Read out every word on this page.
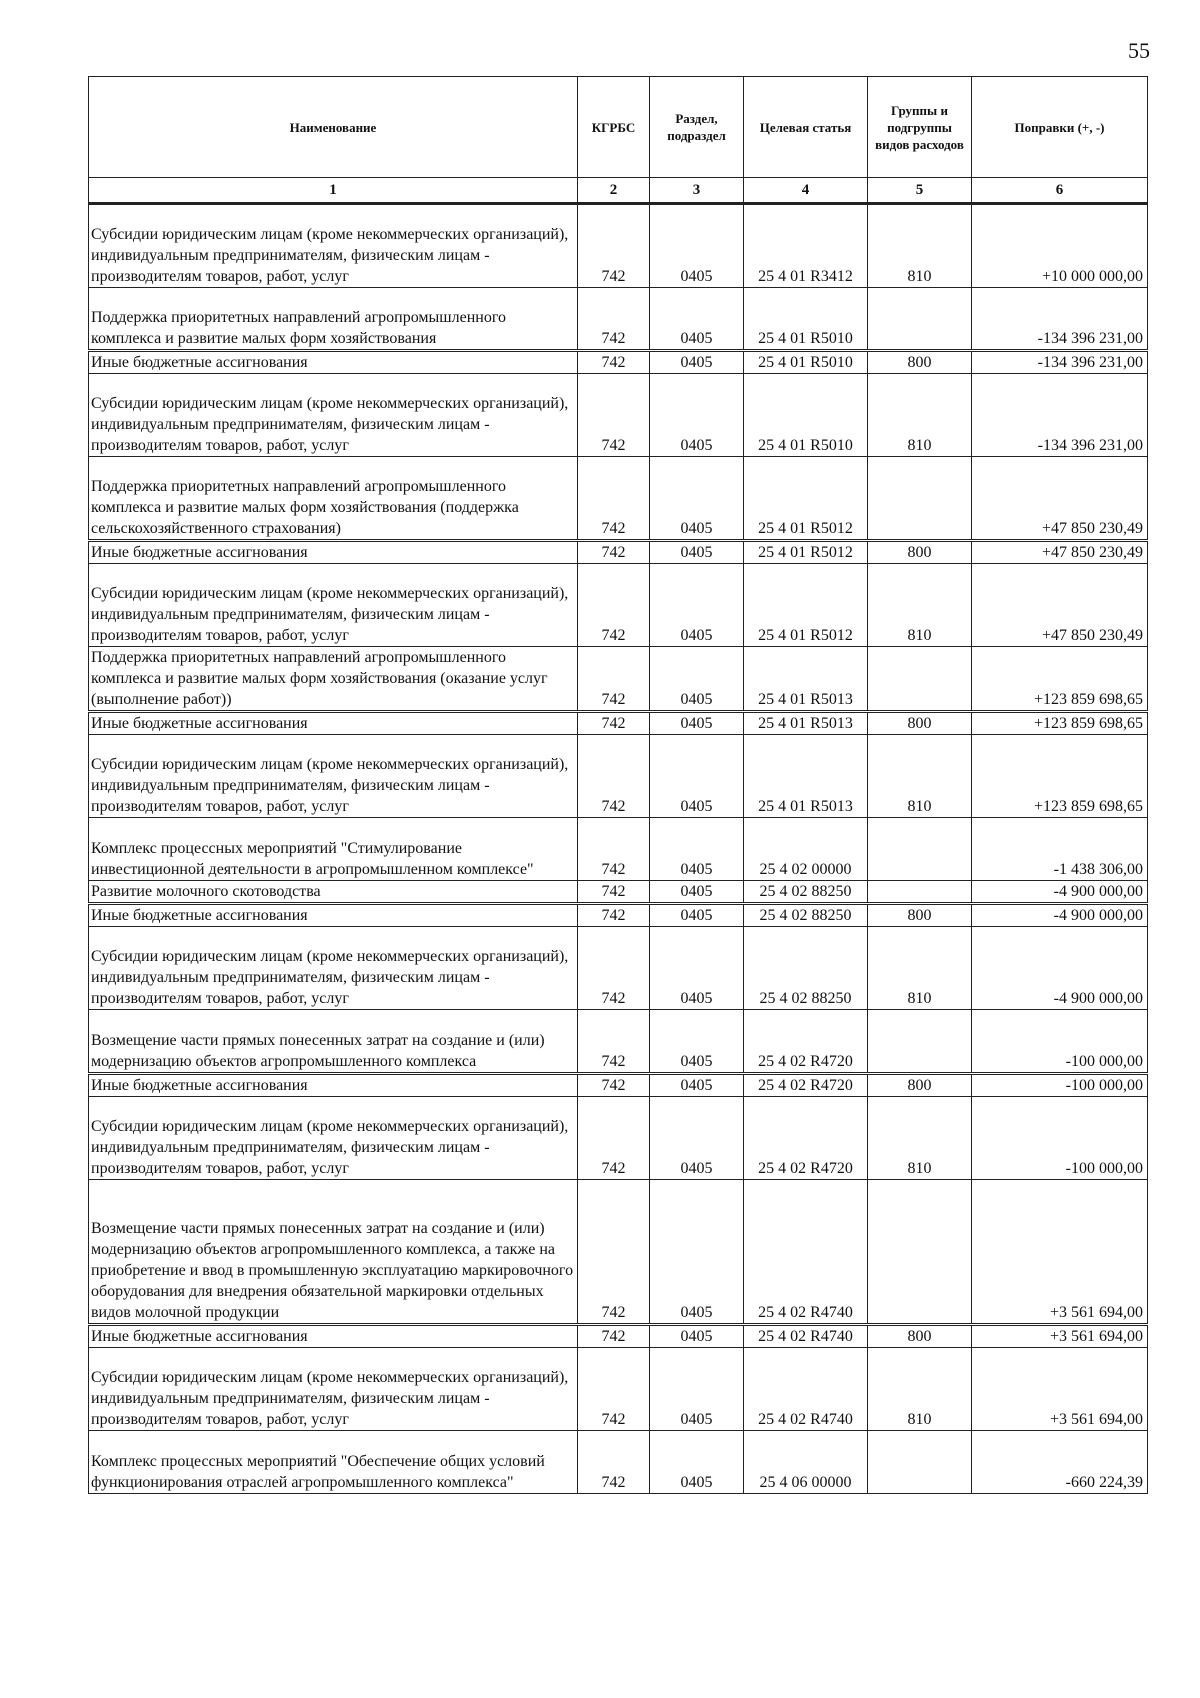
55
Наименование	КГРБС	Раздел, подраздел	Целевая статья	Группы и подгруппы видов расходов	Поправки (+, -)
1	2	3	4	5	6
Субсидии юридическим лицам (кроме некоммерческих организаций), индивидуальным предпринимателям, физическим лицам - производителям товаров, работ, услуг	742	0405	25 4 01 R3412	810	+10 000 000,00
Поддержка приоритетных направлений агропромышленного комплекса и развитие малых форм хозяйствования	742	0405	25 4 01 R5010		-134 396 231,00
Иные бюджетные ассигнования	742	0405	25 4 01 R5010	800	-134 396 231,00
Субсидии юридическим лицам (кроме некоммерческих организаций), индивидуальным предпринимателям, физическим лицам - производителям товаров, работ, услуг	742	0405	25 4 01 R5010	810	-134 396 231,00
Поддержка приоритетных направлений агропромышленного комплекса и развитие малых форм хозяйствования (поддержка сельскохозяйственного страхования)	742	0405	25 4 01 R5012		+47 850 230,49
Иные бюджетные ассигнования	742	0405	25 4 01 R5012	800	+47 850 230,49
Субсидии юридическим лицам (кроме некоммерческих организаций), индивидуальным предпринимателям, физическим лицам - производителям товаров, работ, услуг	742	0405	25 4 01 R5012	810	+47 850 230,49
Поддержка приоритетных направлений агропромышленного комплекса и развитие малых форм хозяйствования (оказание услуг (выполнение работ))	742	0405	25 4 01 R5013		+123 859 698,65
Иные бюджетные ассигнования	742	0405	25 4 01 R5013	800	+123 859 698,65
Субсидии юридическим лицам (кроме некоммерческих организаций), индивидуальным предпринимателям, физическим лицам - производителям товаров, работ, услуг	742	0405	25 4 01 R5013	810	+123 859 698,65
Комплекс процессных мероприятий "Стимулирование инвестиционной деятельности в агропромышленном комплексе"	742	0405	25 4 02 00000		-1 438 306,00
Развитие молочного скотоводства	742	0405	25 4 02 88250		-4 900 000,00
Иные бюджетные ассигнования	742	0405	25 4 02 88250	800	-4 900 000,00
Субсидии юридическим лицам (кроме некоммерческих организаций), индивидуальным предпринимателям, физическим лицам - производителям товаров, работ, услуг	742	0405	25 4 02 88250	810	-4 900 000,00
Возмещение части прямых понесенных затрат на создание и (или) модернизацию объектов агропромышленного комплекса	742	0405	25 4 02 R4720		-100 000,00
Иные бюджетные ассигнования	742	0405	25 4 02 R4720	800	-100 000,00
Субсидии юридическим лицам (кроме некоммерческих организаций), индивидуальным предпринимателям, физическим лицам - производителям товаров, работ, услуг	742	0405	25 4 02 R4720	810	-100 000,00
Возмещение части прямых понесенных затрат на создание и (или) модернизацию объектов агропромышленного комплекса, а также на приобретение и ввод в промышленную эксплуатацию маркировочного оборудования для внедрения обязательной маркировки отдельных видов молочной продукции	742	0405	25 4 02 R4740		+3 561 694,00
Иные бюджетные ассигнования	742	0405	25 4 02 R4740	800	+3 561 694,00
Субсидии юридическим лицам (кроме некоммерческих организаций), индивидуальным предпринимателям, физическим лицам - производителям товаров, работ, услуг	742	0405	25 4 02 R4740	810	+3 561 694,00
Комплекс процессных мероприятий "Обеспечение общих условий функционирования отраслей агропромышленного комплекса"	742	0405	25 4 06 00000		-660 224,39
